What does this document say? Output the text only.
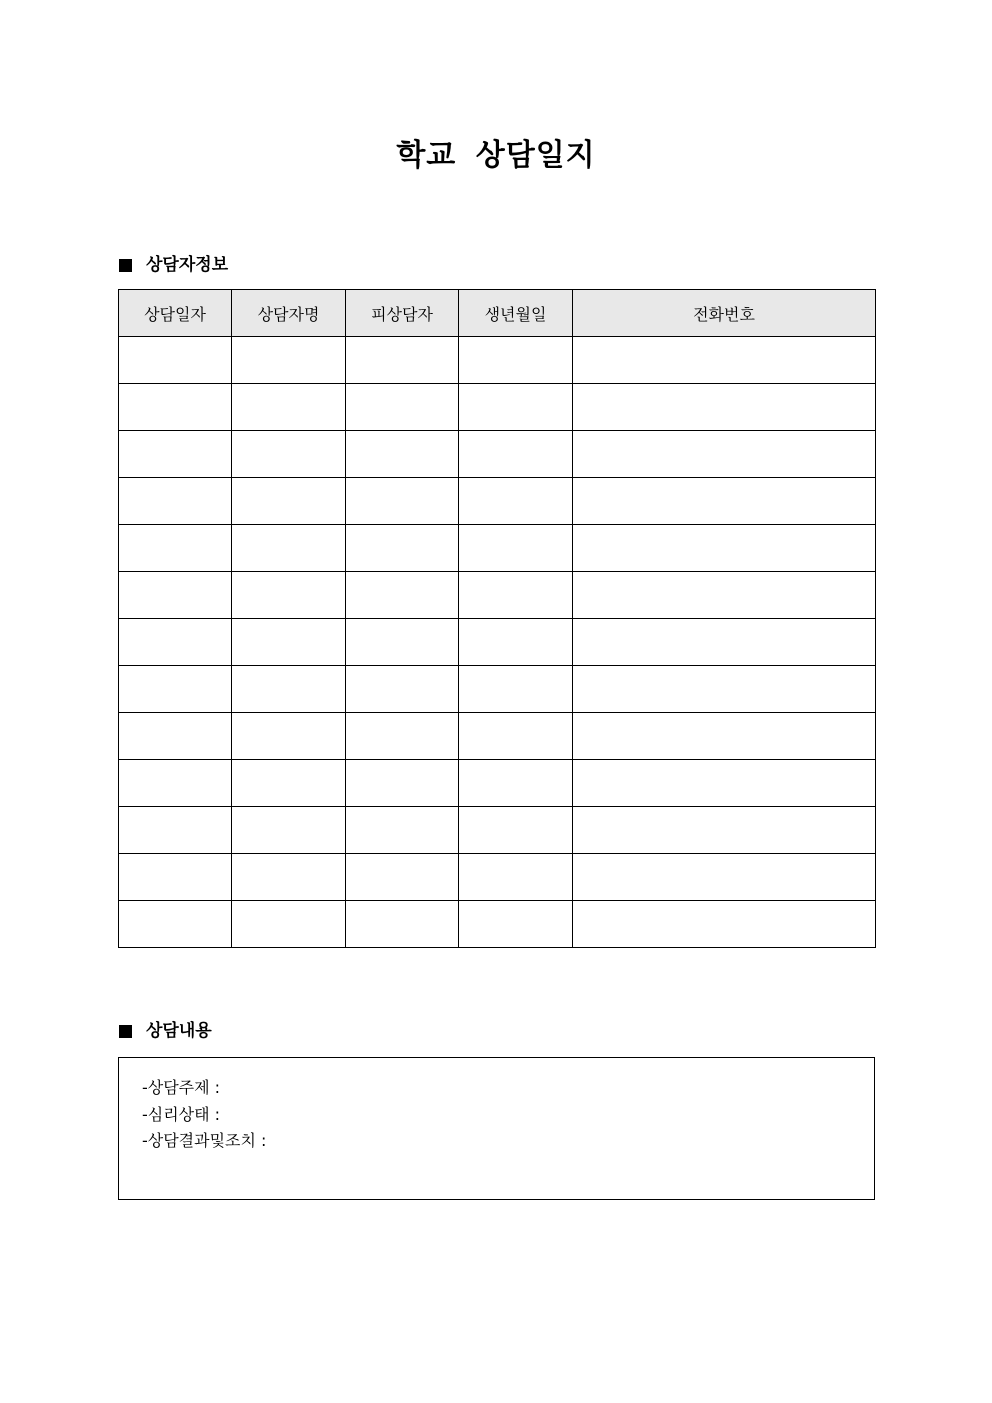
학교 상담일지
상담자정보
상담일자	상담자명	피상담자	생년월일	전화번호

상담내용
-상담주제 :
-심리상태 :
-상담결과및조치 :
